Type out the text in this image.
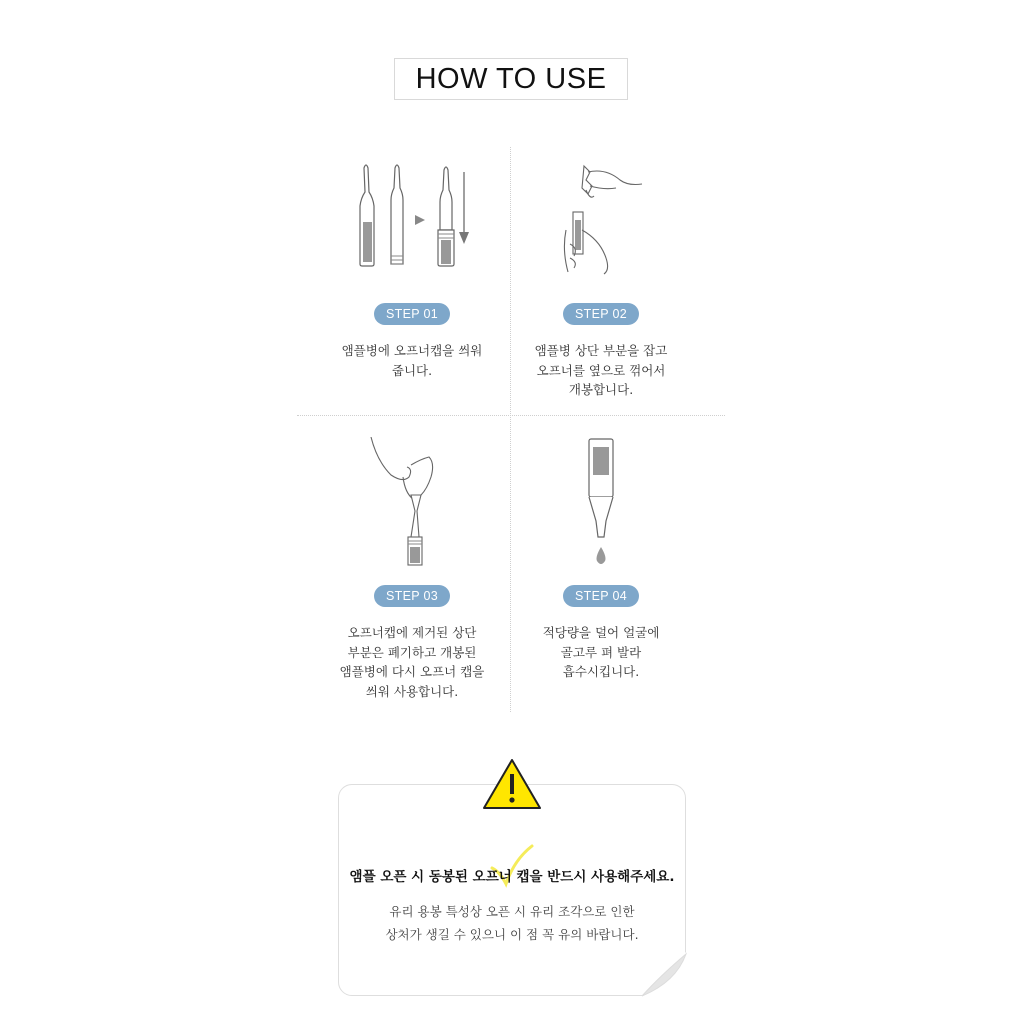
HOW TO USE
STEP 01
앰플병에 오프너캡을 씌워
줍니다.
STEP 02
앰플병 상단 부분을 잡고
오프너를 옆으로 꺾어서
개봉합니다.
STEP 03
오프너캡에 제거된 상단
부분은 폐기하고 개봉된
앰플병에 다시 오프너 캡을
씌워 사용합니다.
STEP 04
적당량을 덜어 얼굴에
골고루 펴 발라
흡수시킵니다.
앰플 오픈 시 동봉된 오프너 캡을 반드시 사용해주세요.
유리 용봉 특성상 오픈 시 유리 조각으로 인한
상처가 생길 수 있으니 이 점 꼭 유의 바랍니다.
